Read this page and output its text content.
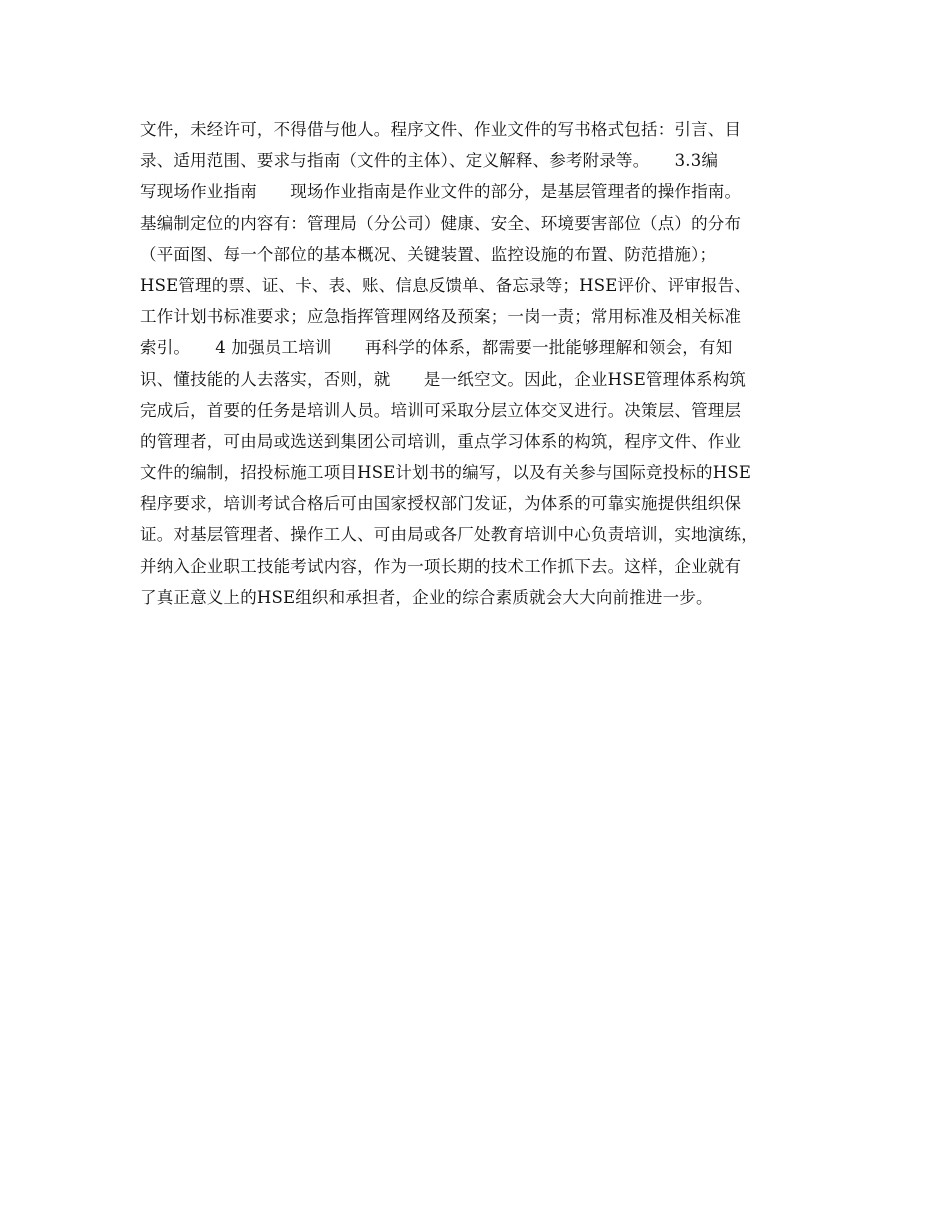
文件，未经许可，不得借与他人。程序文件、作业文件的写书格式包括：引言、目
录、适用范围、要求与指南（文件的主体）、定义解释、参考附录等。　　3.3编
写现场作业指南　　现场作业指南是作业文件的部分，是基层管理者的操作指南。
基编制定位的内容有：管理局（分公司）健康、安全、环境要害部位（点）的分布
（平面图、每一个部位的基本概况、关键装置、监控设施的布置、防范措施）；
HSE管理的票、证、卡、表、账、信息反馈单、备忘录等；HSE评价、评审报告、
工作计划书标准要求；应急指挥管理网络及预案；一岗一责；常用标准及相关标准
索引。　　4 加强员工培训　　再科学的体系，都需要一批能够理解和领会，有知
识、懂技能的人去落实，否则，就　　是一纸空文。因此，企业HSE管理体系构筑
完成后，首要的任务是培训人员。培训可采取分层立体交叉进行。决策层、管理层
的管理者，可由局或选送到集团公司培训，重点学习体系的构筑，程序文件、作业
文件的编制，招投标施工项目HSE计划书的编写，以及有关参与国际竞投标的HSE
程序要求，培训考试合格后可由国家授权部门发证，为体系的可靠实施提供组织保
证。对基层管理者、操作工人、可由局或各厂处教育培训中心负责培训，实地演练，
并纳入企业职工技能考试内容，作为一项长期的技术工作抓下去。这样，企业就有
了真正意义上的HSE组织和承担者，企业的综合素质就会大大向前推进一步。
